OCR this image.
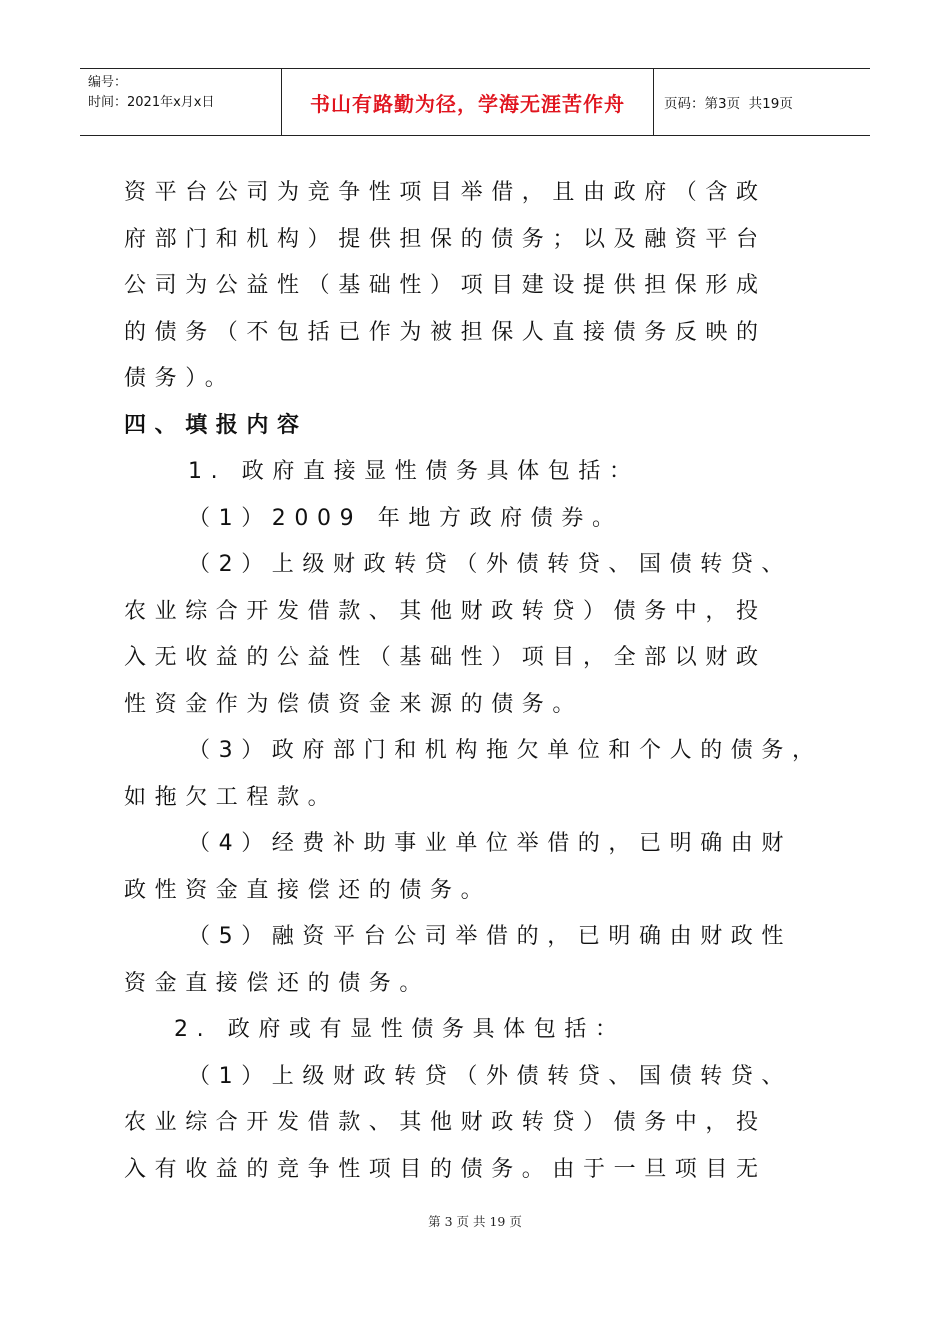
编号：
时间：2021年x月x日	书山有路勤为径，学海无涯苦作舟	页码：第3页  共19页
资平台公司为竞争性项目举借，且由政府（含政
府部门和机构）提供担保的债务；以及融资平台
公司为公益性（基础性）项目建设提供担保形成
的债务（不包括已作为被担保人直接债务反映的
债务）。
四、填报内容
1. 政府直接显性债务具体包括：
（1）2009 年地方政府债券。
（2）上级财政转贷（外债转贷、国债转贷、
农业综合开发借款、其他财政转贷）债务中，投
入无收益的公益性（基础性）项目，全部以财政
性资金作为偿债资金来源的债务。
（3）政府部门和机构拖欠单位和个人的债务，
如拖欠工程款。
（4）经费补助事业单位举借的，已明确由财
政性资金直接偿还的债务。
（5）融资平台公司举借的，已明确由财政性
资金直接偿还的债务。
2. 政府或有显性债务具体包括：
（1）上级财政转贷（外债转贷、国债转贷、
农业综合开发借款、其他财政转贷）债务中，投
入有收益的竞争性项目的债务。由于一旦项目无
第 3 页 共 19 页
